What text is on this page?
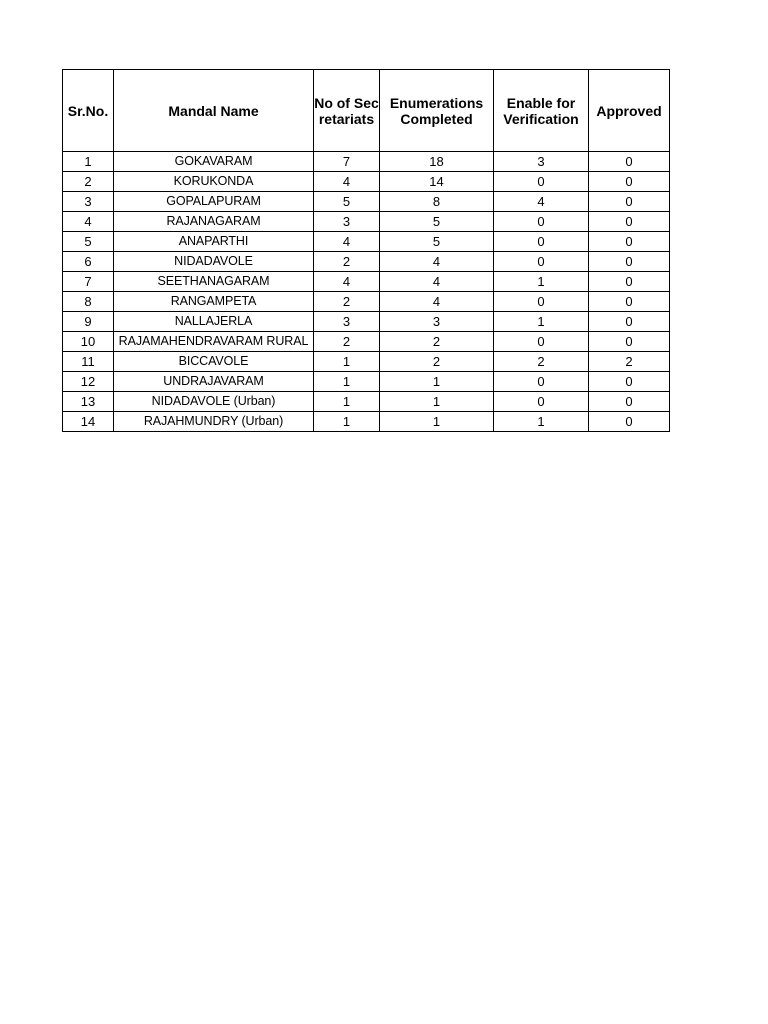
Sr.No.	Mandal Name	No of Secretariats	Enumerations Completed	Enable for Verification	Approved
1	GOKAVARAM	7	18	3	0
2	KORUKONDA	4	14	0	0
3	GOPALAPURAM	5	8	4	0
4	RAJANAGARAM	3	5	0	0
5	ANAPARTHI	4	5	0	0
6	NIDADAVOLE	2	4	0	0
7	SEETHANAGARAM	4	4	1	0
8	RANGAMPETA	2	4	0	0
9	NALLAJERLA	3	3	1	0
10	RAJAMAHENDRAVARAM RURAL	2	2	0	0
11	BICCAVOLE	1	2	2	2
12	UNDRAJAVARAM	1	1	0	0
13	NIDADAVOLE (Urban)	1	1	0	0
14	RAJAHMUNDRY (Urban)	1	1	1	0
